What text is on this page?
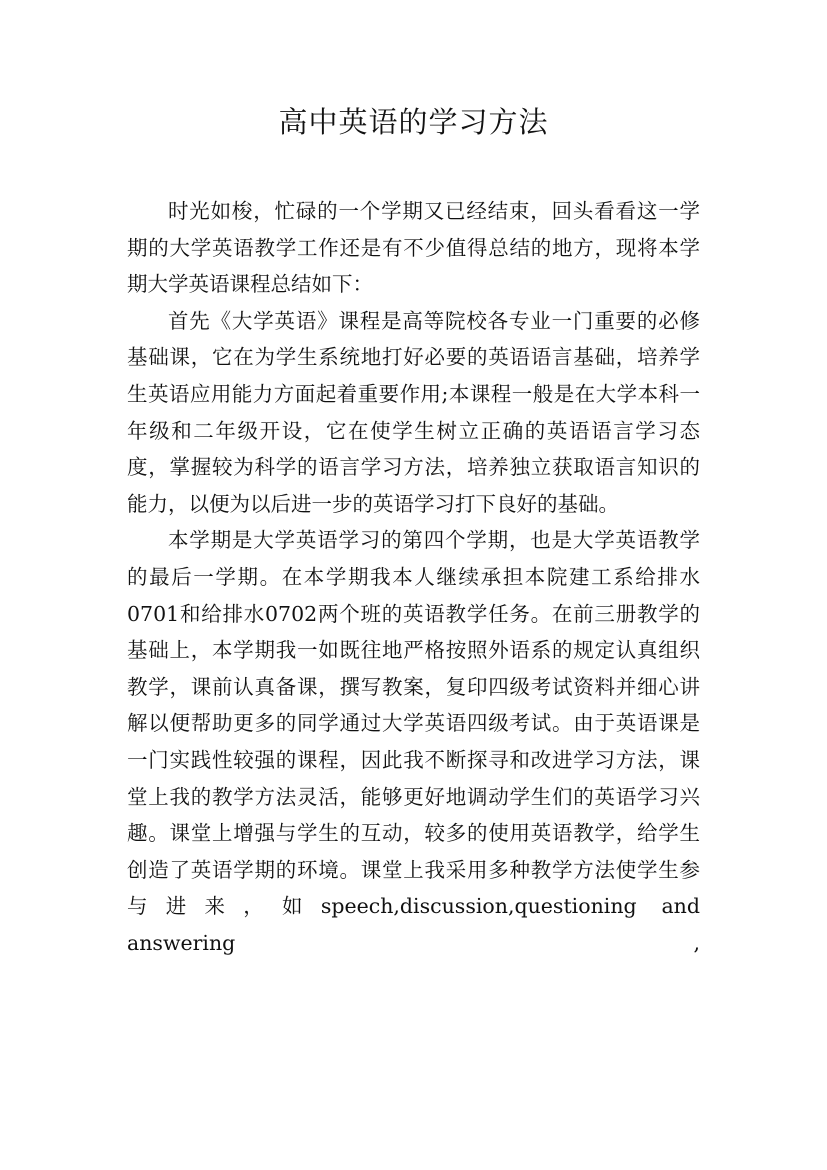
高中英语的学习方法

时光如梭，忙碌的一个学期又已经结束，回头看看这一学期的大学英语教学工作还是有不少值得总结的地方，现将本学期大学英语课程总结如下：

首先《大学英语》课程是高等院校各专业一门重要的必修基础课，它在为学生系统地打好必要的英语语言基础，培养学生英语应用能力方面起着重要作用;本课程一般是在大学本科一年级和二年级开设，它在使学生树立正确的英语语言学习态度，掌握较为科学的语言学习方法，培养独立获取语言知识的能力，以便为以后进一步的英语学习打下良好的基础。

本学期是大学英语学习的第四个学期，也是大学英语教学的最后一学期。在本学期我本人继续承担本院建工系给排水0701和给排水0702两个班的英语教学任务。在前三册教学的基础上，本学期我一如既往地严格按照外语系的规定认真组织教学，课前认真备课，撰写教案，复印四级考试资料并细心讲解以便帮助更多的同学通过大学英语四级考试。由于英语课是一门实践性较强的课程，因此我不断探寻和改进学习方法，课堂上我的教学方法灵活，能够更好地调动学生们的英语学习兴趣。课堂上增强与学生的互动，较多的使用英语教学，给学生创造了英语学期的环境。课堂上我采用多种教学方法使学生参与进来，如speech,discussion,questioning and answering ,
